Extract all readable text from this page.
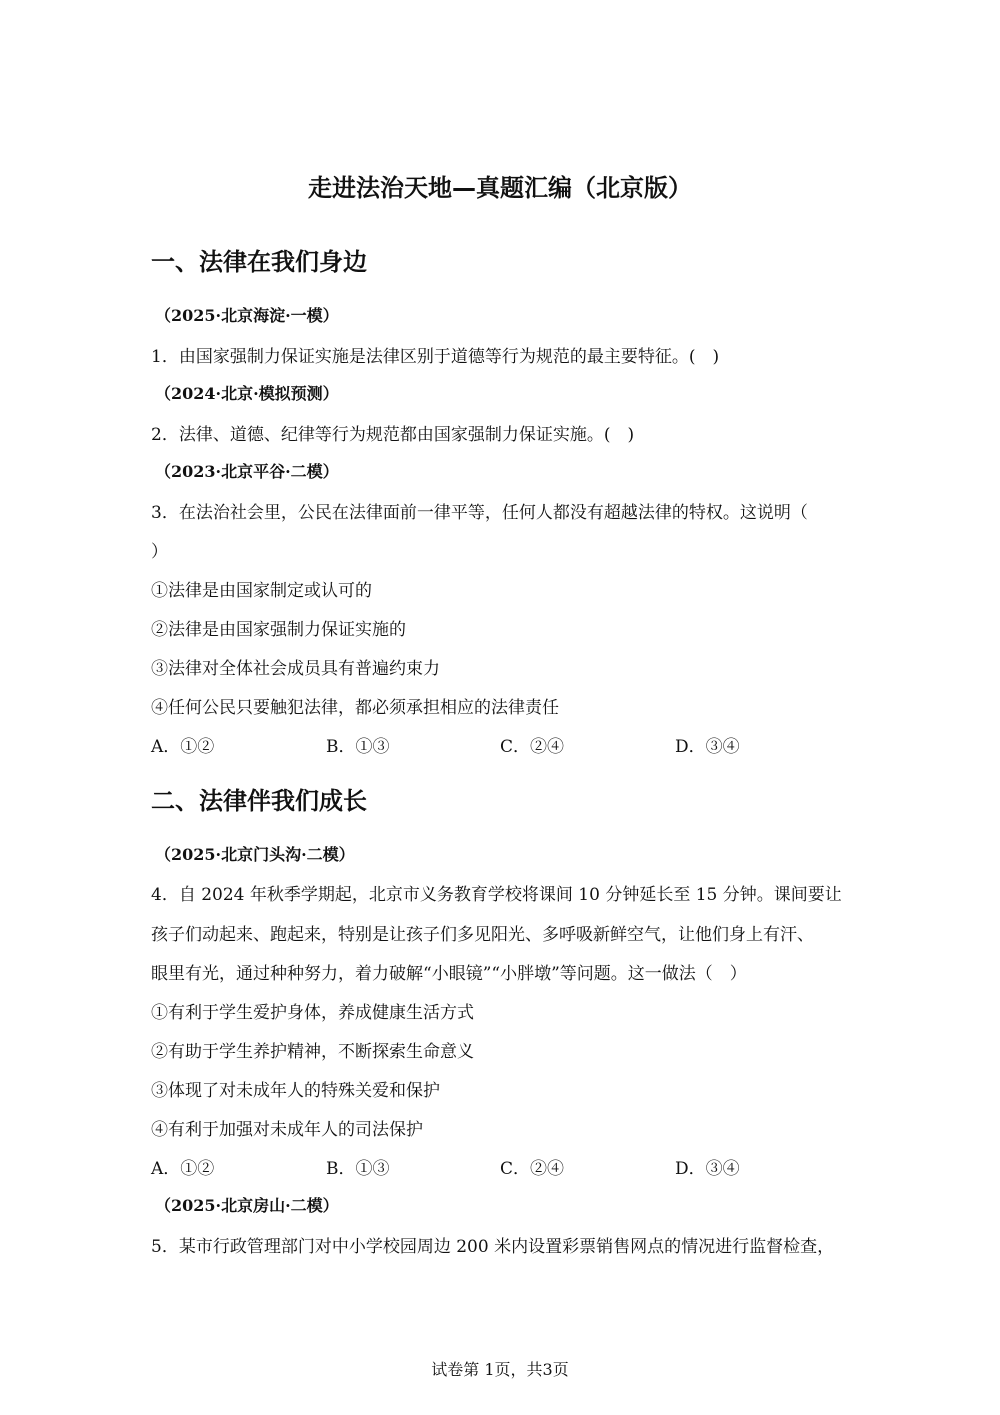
走进法治天地—真题汇编（北京版）
一、法律在我们身边
（2025·北京海淀·一模）
1．由国家强制力保证实施是法律区别于道德等行为规范的最主要特征。(　)
（2024·北京·模拟预测）
2．法律、道德、纪律等行为规范都由国家强制力保证实施。(　)
（2023·北京平谷·二模）
3．在法治社会里，公民在法律面前一律平等，任何人都没有超越法律的特权。这说明（
）
①法律是由国家制定或认可的
②法律是由国家强制力保证实施的
③法律对全体社会成员具有普遍约束力
④任何公民只要触犯法律，都必须承担相应的法律责任
A．①②	B．①③	C．②④	D．③④
二、法律伴我们成长
（2025·北京门头沟·二模）
4．自 2024 年秋季学期起，北京市义务教育学校将课间 10 分钟延长至 15 分钟。课间要让
孩子们动起来、跑起来，特别是让孩子们多见阳光、多呼吸新鲜空气，让他们身上有汗、
眼里有光，通过种种努力，着力破解“小眼镜”“小胖墩”等问题。这一做法（　）
①有利于学生爱护身体，养成健康生活方式
②有助于学生养护精神，不断探索生命意义
③体现了对未成年人的特殊关爱和保护
④有利于加强对未成年人的司法保护
A．①②	B．①③	C．②④	D．③④
（2025·北京房山·二模）
5．某市行政管理部门对中小学校园周边 200 米内设置彩票销售网点的情况进行监督检查，
试卷第 1页，共3页
